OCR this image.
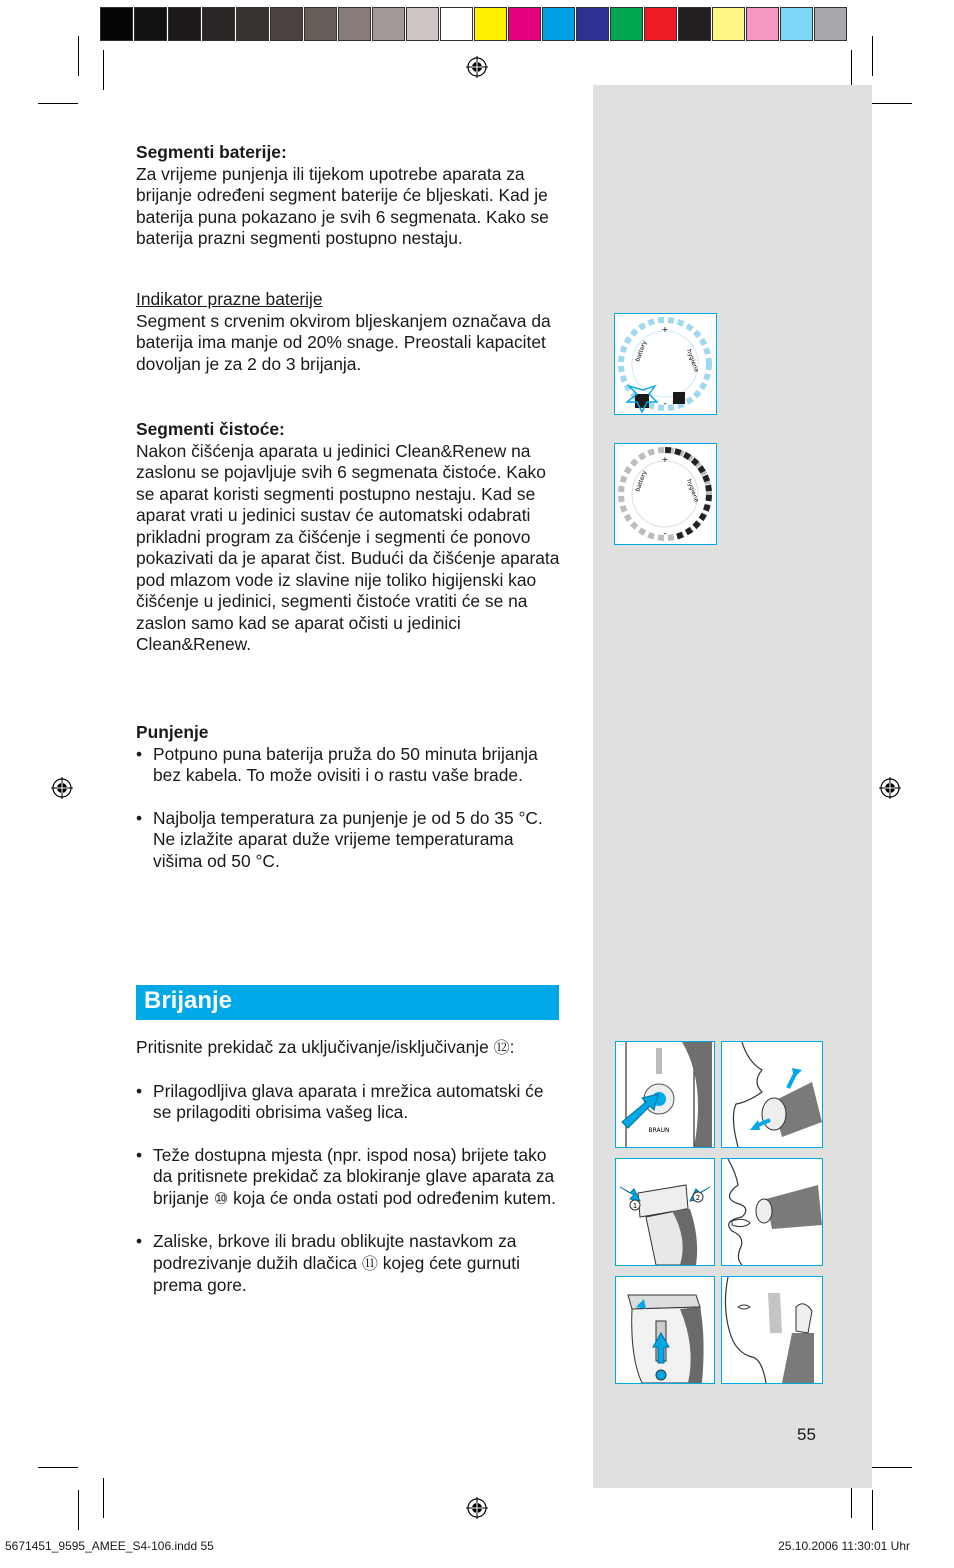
Segmenti baterije:

Za vrijeme punjenja ili tijekom upotrebe aparata za brijanje određeni segment baterije će bljeskati. Kad je baterija puna pokazano je svih 6 segmenata. Kako se baterija prazni segmenti postupno nestaju.

Indikator prazne baterije

Segment s crvenim okvirom bljeskanjem označava da baterija ima manje od 20% snage. Preostali kapacitet dovoljan je za 2 do 3 brijanja.

Segmenti čistoće:

Nakon čišćenja aparata u jedinici Clean&Renew na zaslonu se pojavljuje svih 6 segmenata čistoće. Kako se aparat koristi segmenti postupno nestaju. Kad se aparat vrati u jedinici sustav će automatski odabrati prikladni program za čišćenje i segmenti će ponovo pokazivati da je aparat čist. Budući da čišćenje aparata pod mlazom vode iz slavine nije toliko higijenski kao čišćenje u jedinici, segmenti čistoće vratiti će se na zaslon samo kad se aparat očisti u jedinici Clean&Renew.

Punjenje

• Potpuno puna baterija pruža do 50 minuta brijanja bez kabela. To može ovisiti i o rastu vaše brade.

• Najbolja temperatura za punjenje je od 5 do 35 °C. Ne izlažite aparat duže vrijeme temperaturama višima od 50 °C.

Brijanje

Pritisnite prekidač za uključivanje/isključivanje ⑫:

• Prilagodljiva glava aparata i mrežica automatski će se prilagoditi obrisima vašeg lica.

• Teže dostupna mjesta (npr. ispod nosa) brijete tako da pritisnete prekidač za blokiranje glave aparata za brijanje ⑩ koja će onda ostati pod određenim kutem.

• Zaliske, brkove ili bradu oblikujte nastavkom za podrezivanje dužih dlačica ⑪ kojeg ćete gurnuti prema gore.

+
-
battery	hygiene
+
-
battery	hygiene
BRAUN
1
2
55
5671451_9595_AMEE_S4-106.indd 55	25.10.2006 11:30:01 Uhr
